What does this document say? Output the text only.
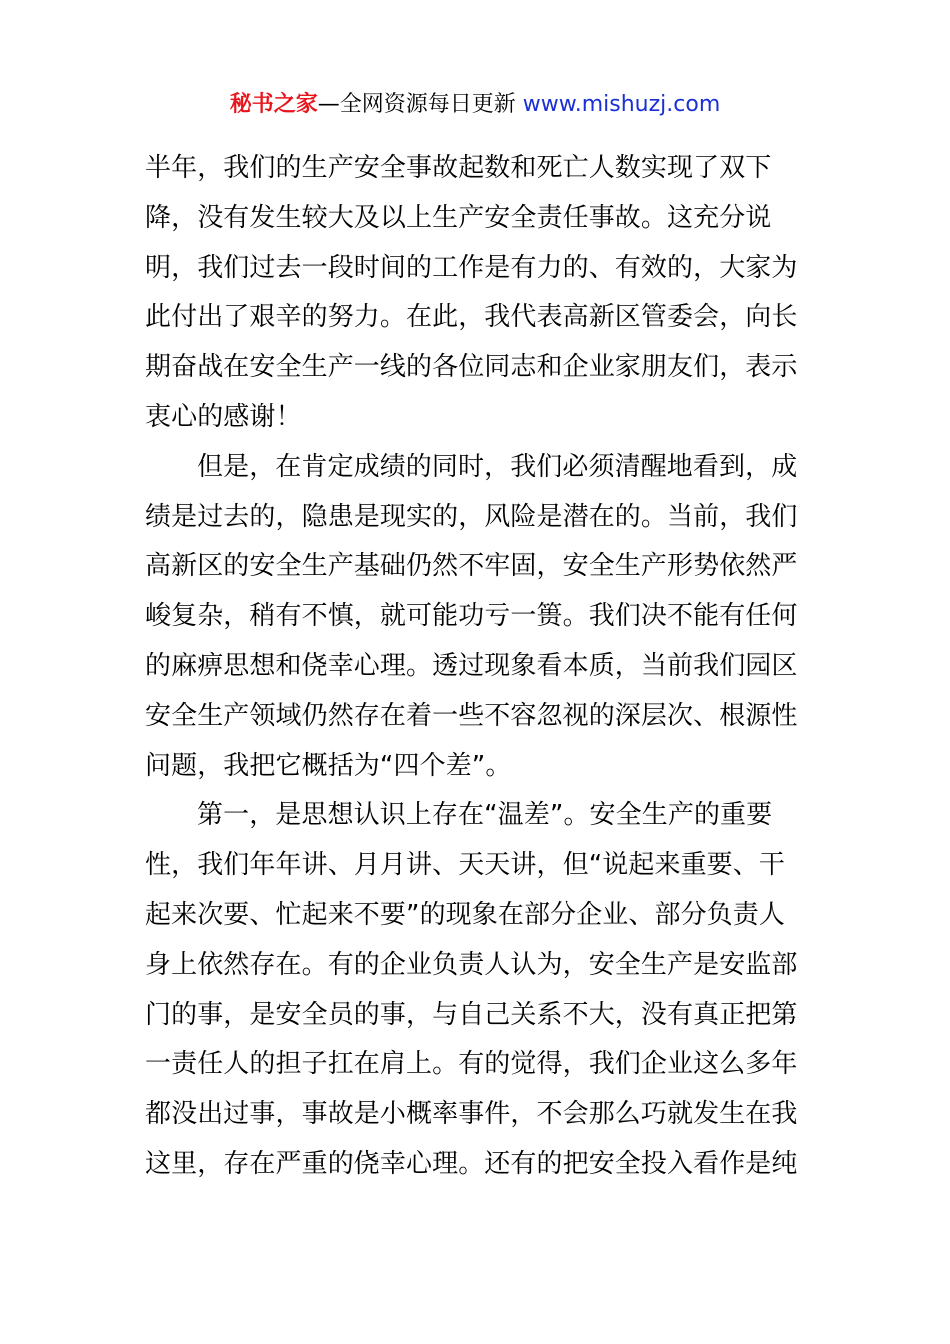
秘书之家—全网资源每日更新 www.mishuzj.com
半年，我们的生产安全事故起数和死亡人数实现了双下
降，没有发生较大及以上生产安全责任事故。这充分说
明，我们过去一段时间的工作是有力的、有效的，大家为
此付出了艰辛的努力。在此，我代表高新区管委会，向长
期奋战在安全生产一线的各位同志和企业家朋友们，表示
衷心的感谢！
但是，在肯定成绩的同时，我们必须清醒地看到，成
绩是过去的，隐患是现实的，风险是潜在的。当前，我们
高新区的安全生产基础仍然不牢固，安全生产形势依然严
峻复杂，稍有不慎，就可能功亏一篑。我们决不能有任何
的麻痹思想和侥幸心理。透过现象看本质，当前我们园区
安全生产领域仍然存在着一些不容忽视的深层次、根源性
问题，我把它概括为“四个差”。
第一，是思想认识上存在“温差”。安全生产的重要
性，我们年年讲、月月讲、天天讲，但“说起来重要、干
起来次要、忙起来不要”的现象在部分企业、部分负责人
身上依然存在。有的企业负责人认为，安全生产是安监部
门的事，是安全员的事，与自己关系不大，没有真正把第
一责任人的担子扛在肩上。有的觉得，我们企业这么多年
都没出过事，事故是小概率事件，不会那么巧就发生在我
这里，存在严重的侥幸心理。还有的把安全投入看作是纯
